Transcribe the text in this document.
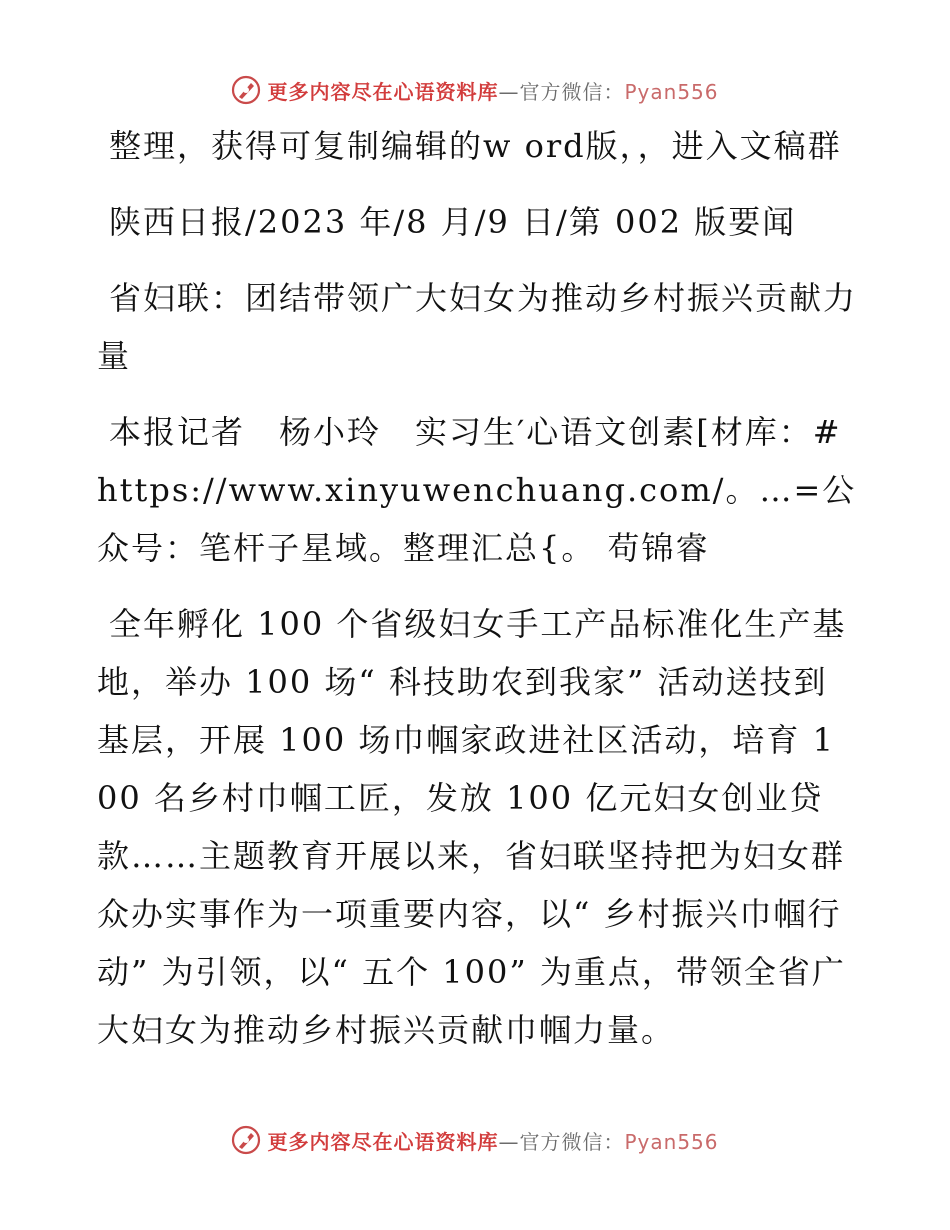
更多内容尽在心语资料库—官方微信：Pyan556

整理，获得可复制编辑的w ord版，，进入文稿群

陕西日报/2023 年/8 月/9 日/第 002 版要闻

省妇联：团结带领广大妇女为推动乡村振兴贡献力量

本报记者　杨小玲　实习生′心语文创素[材库：#https://www.xinyuwenchuang.com/。…=公众号：笔杆子星域。整理汇总{。 苟锦睿

全年孵化 100 个省级妇女手工产品标准化生产基地，举办 100 场“ 科技助农到我家” 活动送技到基层，开展 100 场巾帼家政进社区活动，培育 100 名乡村巾帼工匠，发放 100 亿元妇女创业贷款……主题教育开展以来，省妇联坚持把为妇女群众办实事作为一项重要内容，以“ 乡村振兴巾帼行动” 为引领，以“ 五个 100” 为重点，带领全省广大妇女为推动乡村振兴贡献巾帼力量。

更多内容尽在心语资料库—官方微信：Pyan556
